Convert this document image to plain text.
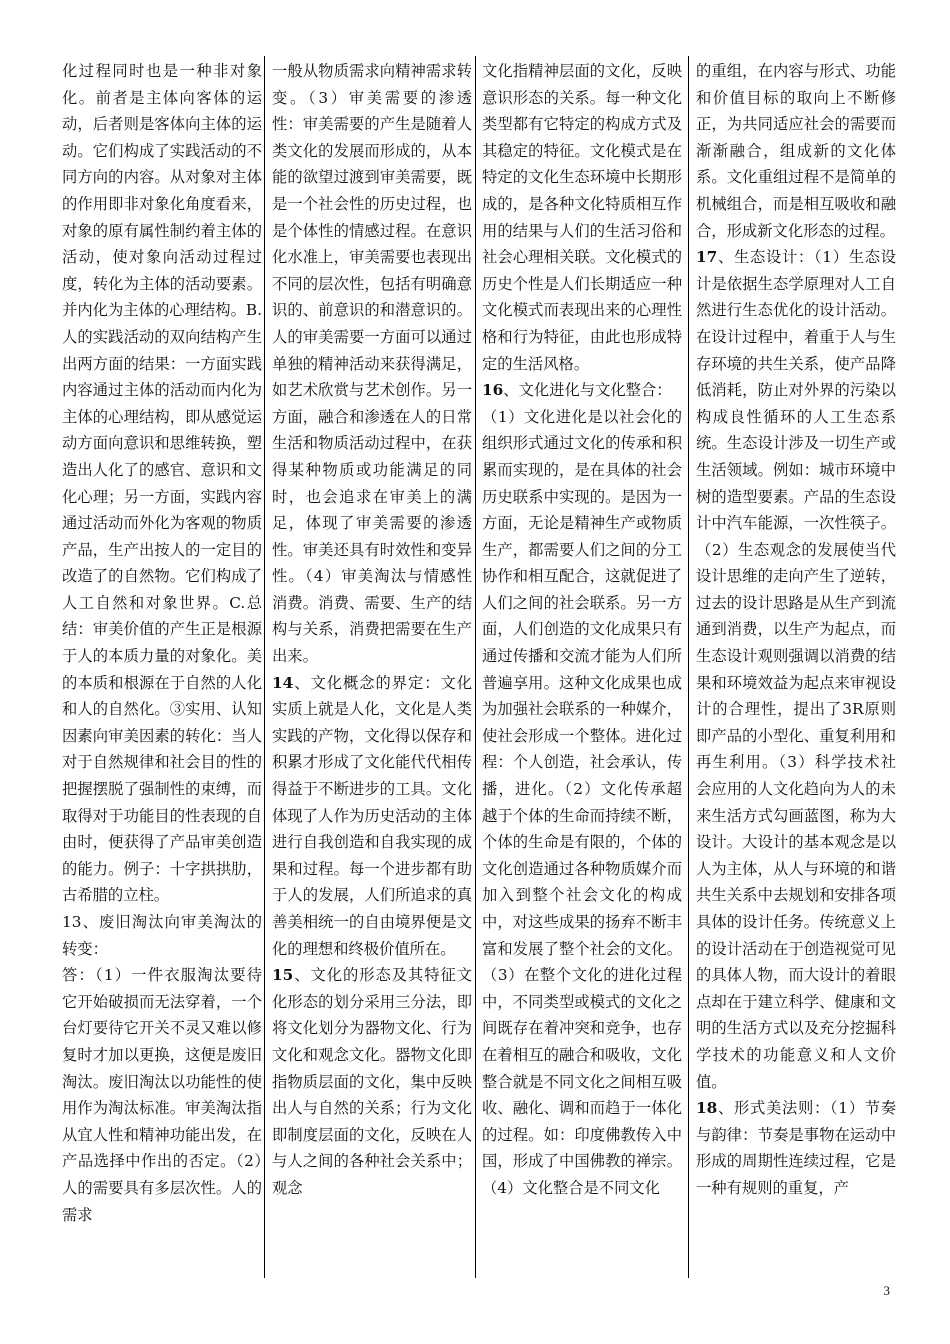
化过程同时也是一种非对象化。前者是主体向客体的运动，后者则是客体向主体的运动。它们构成了实践活动的不同方向的内容。从对象对主体的作用即非对象化角度看来，对象的原有属性制约着主体的活动，使对象向活动过程过度，转化为主体的活动要素。并内化为主体的心理结构。B.人的实践活动的双向结构产生出两方面的结果：一方面实践内容通过主体的活动而内化为主体的心理结构，即从感觉运动方面向意识和思维转换，塑造出人化了的感官、意识和文化心理；另一方面，实践内容通过活动而外化为客观的物质产品，生产出按人的一定目的改造了的自然物。它们构成了人工自然和对象世界。C.总结：审美价值的产生正是根源于人的本质力量的对象化。美的本质和根源在于自然的人化和人的自然化。③实用、认知因素向审美因素的转化：当人对于自然规律和社会目的性的把握摆脱了强制性的束缚，而取得对于功能目的性表现的自由时，便获得了产品审美创造的能力。例子：十字拱拱肋，古希腊的立柱。

13、废旧淘汰向审美淘汰的转变：

答：（1）一件衣服淘汰要待它开始破损而无法穿着，一个台灯要待它开关不灵又难以修复时才加以更换，这便是废旧淘汰。废旧淘汰以功能性的使用作为淘汰标准。审美淘汰指从宜人性和精神功能出发，在产品选择中作出的否定。（2）人的需要具有多层次性。人的需求

一般从物质需求向精神需求转变。（3）审美需要的渗透性：审美需要的产生是随着人类文化的发展而形成的，从本能的欲望过渡到审美需要，既是一个社会性的历史过程，也是个体性的情感过程。在意识化水准上，审美需要也表现出不同的层次性，包括有明确意识的、前意识的和潜意识的。人的审美需要一方面可以通过单独的精神活动来获得满足，如艺术欣赏与艺术创作。另一方面，融合和渗透在人的日常生活和物质活动过程中，在获得某种物质或功能满足的同时，也会追求在审美上的满足，体现了审美需要的渗透性。审美还具有时效性和变异性。（4）审美淘汰与情感性消费。消费、需要、生产的结构与关系，消费把需要在生产出来。

14、文化概念的界定：文化实质上就是人化，文化是人类实践的产物，文化得以保存和积累才形成了文化能代代相传得益于不断进步的工具。文化体现了人作为历史活动的主体进行自我创造和自我实现的成果和过程。每一个进步都有助于人的发展，人们所追求的真善美相统一的自由境界便是文化的理想和终极价值所在。

15、文化的形态及其特征文化形态的划分采用三分法，即将文化划分为器物文化、行为文化和观念文化。器物文化即指物质层面的文化，集中反映出人与自然的关系；行为文化即制度层面的文化，反映在人与人之间的各种社会关系中；观念

文化指精神层面的文化，反映意识形态的关系。每一种文化类型都有它特定的构成方式及其稳定的特征。文化模式是在特定的文化生态环境中长期形成的，是各种文化特质相互作用的结果与人们的生活习俗和社会心理相关联。文化模式的历史个性是人们长期适应一种文化模式而表现出来的心理性格和行为特征，由此也形成特定的生活风格。

16、文化进化与文化整合：

（1）文化进化是以社会化的组织形式通过文化的传承和积累而实现的，是在具体的社会历史联系中实现的。是因为一方面，无论是精神生产或物质生产，都需要人们之间的分工协作和相互配合，这就促进了人们之间的社会联系。另一方面，人们创造的文化成果只有通过传播和交流才能为人们所普遍享用。这种文化成果也成为加强社会联系的一种媒介，使社会形成一个整体。进化过程：个人创造，社会承认，传播，进化。（2）文化传承超越于个体的生命而持续不断，个体的生命是有限的，个体的文化创造通过各种物质媒介而加入到整个社会文化的构成中，对这些成果的扬弃不断丰富和发展了整个社会的文化。（3）在整个文化的进化过程中，不同类型或模式的文化之间既存在着冲突和竞争，也存在着相互的融合和吸收，文化整合就是不同文化之间相互吸收、融化、调和而趋于一体化的过程。如：印度佛教传入中国，形成了中国佛教的禅宗。（4）文化整合是不同文化

的重组，在内容与形式、功能和价值目标的取向上不断修正，为共同适应社会的需要而渐渐融合，组成新的文化体系。文化重组过程不是简单的机械组合，而是相互吸收和融合，形成新文化形态的过程。

17、生态设计：（1）生态设计是依据生态学原理对人工自然进行生态优化的设计活动。在设计过程中，着重于人与生存环境的共生关系，使产品降低消耗，防止对外界的污染以构成良性循环的人工生态系统。生态设计涉及一切生产或生活领域。例如：城市环境中树的造型要素。产品的生态设计中汽车能源，一次性筷子。（2）生态观念的发展使当代设计思维的走向产生了逆转，过去的设计思路是从生产到流通到消费，以生产为起点，而生态设计观则强调以消费的结果和环境效益为起点来审视设计的合理性，提出了3R原则即产品的小型化、重复利用和再生利用。（3）科学技术社会应用的人文化趋向为人的未来生活方式勾画蓝图，称为大设计。大设计的基本观念是以人为主体，从人与环境的和谐共生关系中去规划和安排各项具体的设计任务。传统意义上的设计活动在于创造视觉可见的具体人物，而大设计的着眼点却在于建立科学、健康和文明的生活方式以及充分挖掘科学技术的功能意义和人文价值。

18、形式美法则：（1）节奏与韵律：节奏是事物在运动中形成的周期性连续过程，它是一种有规则的重复，产

3
